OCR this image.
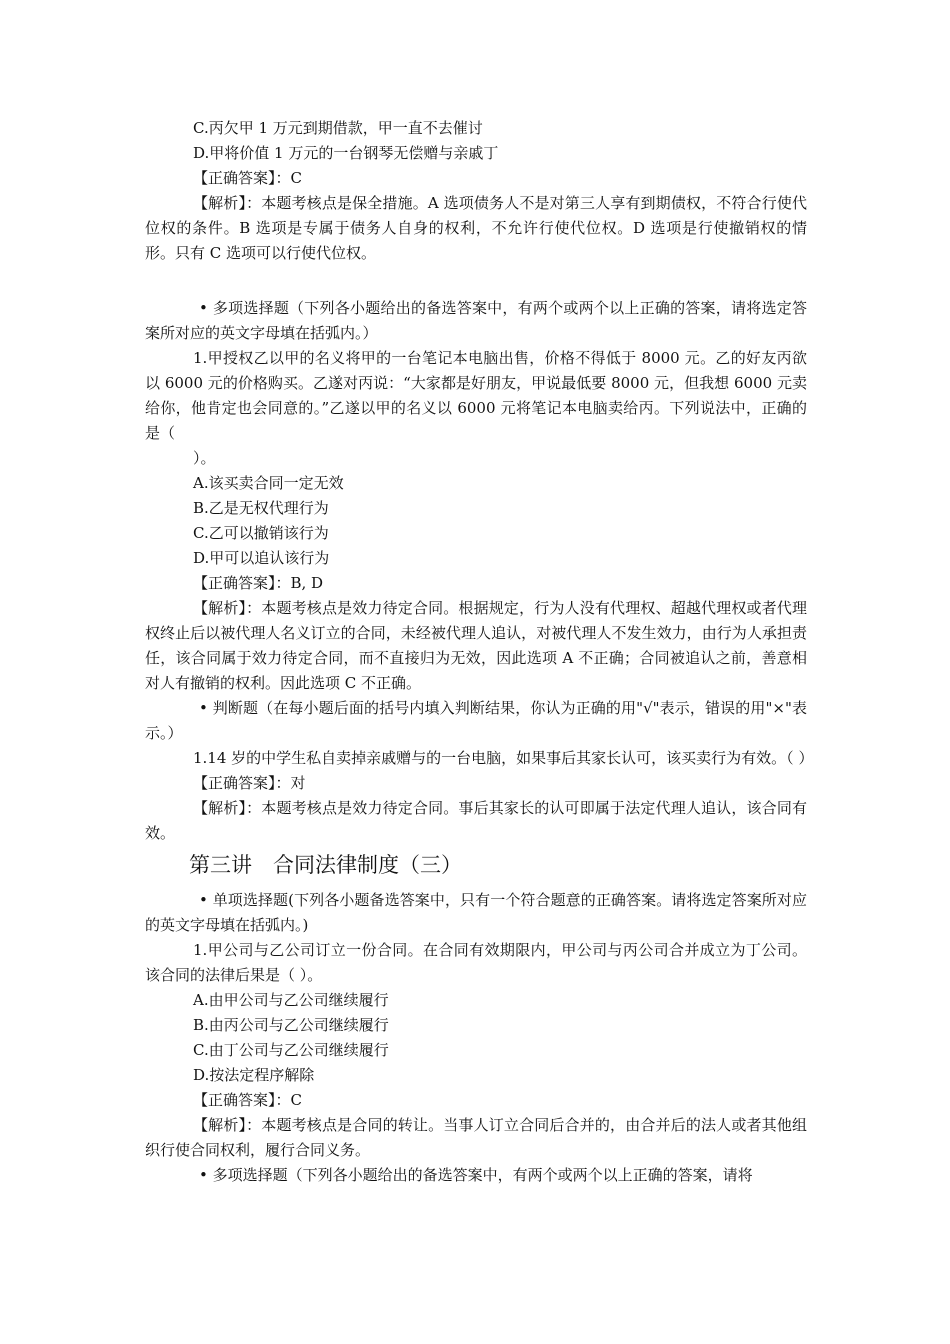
C.丙欠甲 1 万元到期借款，甲一直不去催讨

D.甲将价值 1 万元的一台钢琴无偿赠与亲戚丁

【正确答案】：C

【解析】：本题考核点是保全措施。A 选项债务人不是对第三人享有到期债权，不符合行使代位权的条件。B 选项是专属于债务人自身的权利，不允许行使代位权。D 选项是行使撤销权的情形。只有 C 选项可以行使代位权。

• 多项选择题（下列各小题给出的备选答案中，有两个或两个以上正确的答案，请将选定答案所对应的英文字母填在括弧内。）

1.甲授权乙以甲的名义将甲的一台笔记本电脑出售，价格不得低于 8000 元。乙的好友丙欲以 6000 元的价格购买。乙遂对丙说：“大家都是好朋友，甲说最低要 8000 元，但我想 6000 元卖给你，他肯定也会同意的。”乙遂以甲的名义以 6000 元将笔记本电脑卖给丙。下列说法中，正确的是（

）。

A.该买卖合同一定无效

B.乙是无权代理行为

C.乙可以撤销该行为

D.甲可以追认该行为

【正确答案】：B, D

【解析】：本题考核点是效力待定合同。根据规定，行为人没有代理权、超越代理权或者代理权终止后以被代理人名义订立的合同，未经被代理人追认，对被代理人不发生效力，由行为人承担责任，该合同属于效力待定合同，而不直接归为无效，因此选项 A 不正确；合同被追认之前，善意相对人有撤销的权利。因此选项 C 不正确。

• 判断题（在每小题后面的括号内填入判断结果，你认为正确的用"√"表示，错误的用"×"表示。）

1.14 岁的中学生私自卖掉亲戚赠与的一台电脑，如果事后其家长认可，该买卖行为有效。（ ）

【正确答案】：对

【解析】：本题考核点是效力待定合同。事后其家长的认可即属于法定代理人追认，该合同有效。

第三讲　合同法律制度（三）

• 单项选择题(下列各小题备选答案中，只有一个符合题意的正确答案。请将选定答案所对应的英文字母填在括弧内。)

1.甲公司与乙公司订立一份合同。在合同有效期限内，甲公司与丙公司合并成立为丁公司。该合同的法律后果是（ ）。

A.由甲公司与乙公司继续履行

B.由丙公司与乙公司继续履行

C.由丁公司与乙公司继续履行

D.按法定程序解除

【正确答案】：C

【解析】：本题考核点是合同的转让。当事人订立合同后合并的，由合并后的法人或者其他组织行使合同权利，履行合同义务。

• 多项选择题（下列各小题给出的备选答案中，有两个或两个以上正确的答案，请将
